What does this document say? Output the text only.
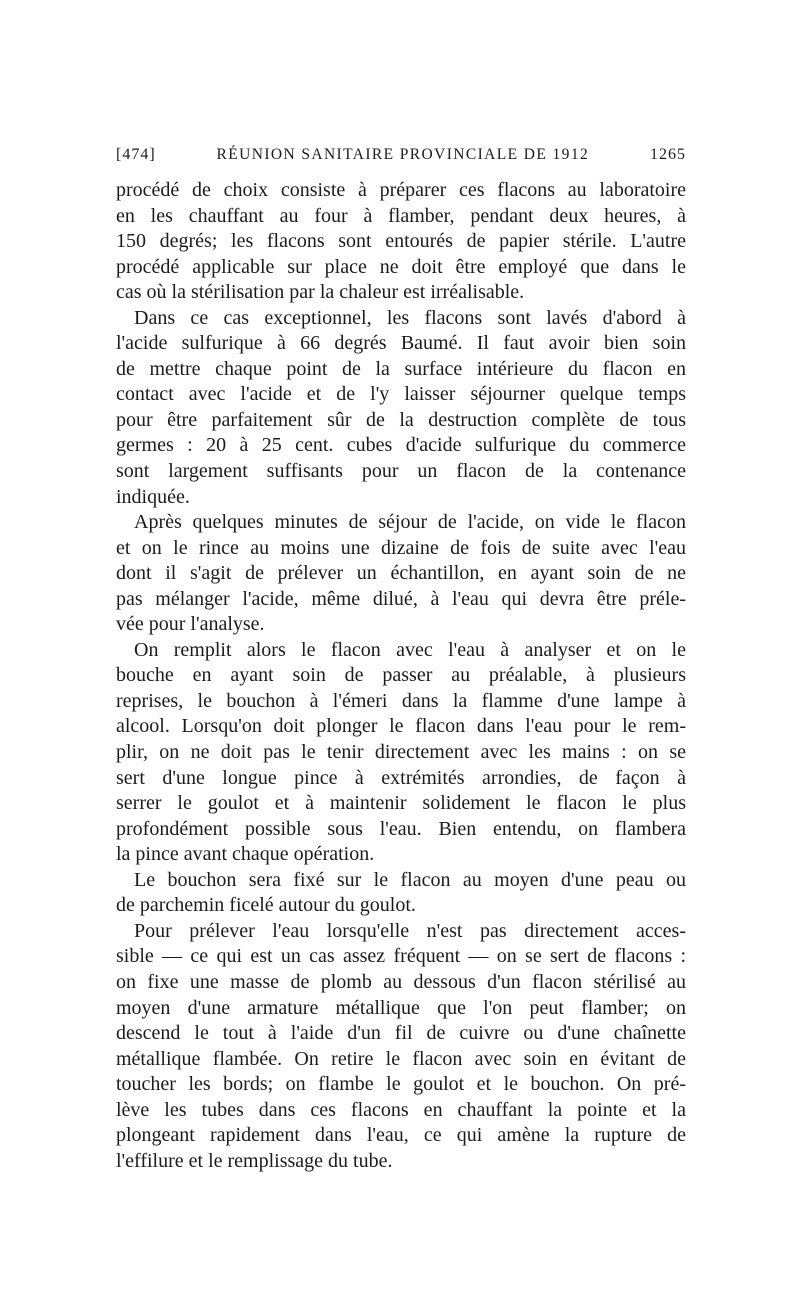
[474]	RÉUNION SANITAIRE PROVINCIALE DE 1912	1265

procédé de choix consiste à préparer ces flacons au laboratoire
en les chauffant au four à flamber, pendant deux heures, à
150 degrés; les flacons sont entourés de papier stérile. L'autre
procédé applicable sur place ne doit être employé que dans le
cas où la stérilisation par la chaleur est irréalisable.

Dans ce cas exceptionnel, les flacons sont lavés d'abord à
l'acide sulfurique à 66 degrés Baumé. Il faut avoir bien soin
de mettre chaque point de la surface intérieure du flacon en
contact avec l'acide et de l'y laisser séjourner quelque temps
pour être parfaitement sûr de la destruction complète de tous
germes : 20 à 25 cent. cubes d'acide sulfurique du commerce
sont largement suffisants pour un flacon de la contenance
indiquée.

Après quelques minutes de séjour de l'acide, on vide le flacon
et on le rince au moins une dizaine de fois de suite avec l'eau
dont il s'agit de prélever un échantillon, en ayant soin de ne
pas mélanger l'acide, même dilué, à l'eau qui devra être préle-
vée pour l'analyse.

On remplit alors le flacon avec l'eau à analyser et on le
bouche en ayant soin de passer au préalable, à plusieurs
reprises, le bouchon à l'émeri dans la flamme d'une lampe à
alcool. Lorsqu'on doit plonger le flacon dans l'eau pour le rem-
plir, on ne doit pas le tenir directement avec les mains : on se
sert d'une longue pince à extrémités arrondies, de façon à
serrer le goulot et à maintenir solidement le flacon le plus
profondément possible sous l'eau. Bien entendu, on flambera
la pince avant chaque opération.

Le bouchon sera fixé sur le flacon au moyen d'une peau ou
de parchemin ficelé autour du goulot.

Pour prélever l'eau lorsqu'elle n'est pas directement acces-
sible — ce qui est un cas assez fréquent — on se sert de flacons :
on fixe une masse de plomb au dessous d'un flacon stérilisé au
moyen d'une armature métallique que l'on peut flamber; on
descend le tout à l'aide d'un fil de cuivre ou d'une chaînette
métallique flambée. On retire le flacon avec soin en évitant de
toucher les bords; on flambe le goulot et le bouchon. On pré-
lève les tubes dans ces flacons en chauffant la pointe et la
plongeant rapidement dans l'eau, ce qui amène la rupture de
l'effilure et le remplissage du tube.
